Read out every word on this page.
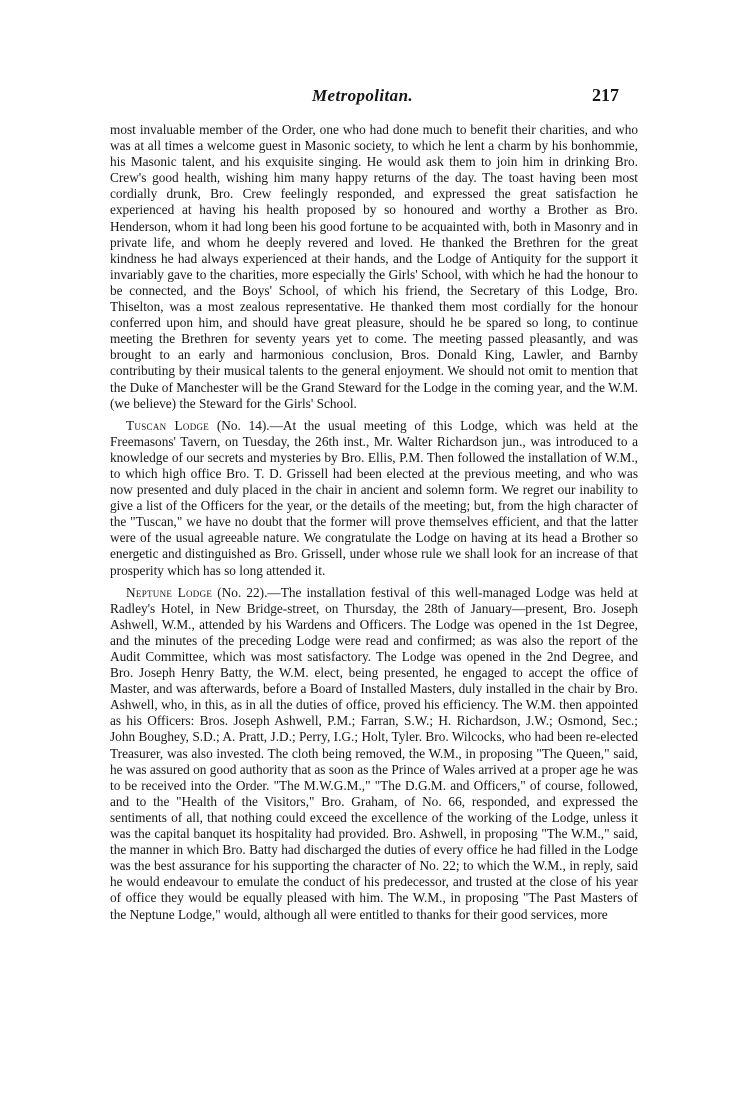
Metropolitan.	217

most invaluable member of the Order, one who had done much to benefit their charities, and who was at all times a welcome guest in Masonic society, to which he lent a charm by his bonhommie, his Masonic talent, and his exquisite singing. He would ask them to join him in drinking Bro. Crew's good health, wishing him many happy returns of the day. The toast having been most cordially drunk, Bro. Crew feelingly responded, and expressed the great satisfaction he experienced at having his health proposed by so honoured and worthy a Brother as Bro. Henderson, whom it had long been his good fortune to be acquainted with, both in Masonry and in private life, and whom he deeply revered and loved. He thanked the Brethren for the great kindness he had always experienced at their hands, and the Lodge of Antiquity for the support it invariably gave to the charities, more especially the Girls' School, with which he had the honour to be connected, and the Boys' School, of which his friend, the Secretary of this Lodge, Bro. Thiselton, was a most zealous representative. He thanked them most cordially for the honour conferred upon him, and should have great pleasure, should he be spared so long, to continue meeting the Brethren for seventy years yet to come. The meeting passed pleasantly, and was brought to an early and harmonious conclusion, Bros. Donald King, Lawler, and Barnby contributing by their musical talents to the general enjoyment. We should not omit to mention that the Duke of Manchester will be the Grand Steward for the Lodge in the coming year, and the W.M. (we believe) the Steward for the Girls' School.

Tuscan Lodge (No. 14).—At the usual meeting of this Lodge, which was held at the Freemasons' Tavern, on Tuesday, the 26th inst., Mr. Walter Richardson jun., was introduced to a knowledge of our secrets and mysteries by Bro. Ellis, P.M. Then followed the installation of W.M., to which high office Bro. T. D. Grissell had been elected at the previous meeting, and who was now presented and duly placed in the chair in ancient and solemn form. We regret our inability to give a list of the Officers for the year, or the details of the meeting; but, from the high character of the "Tuscan," we have no doubt that the former will prove themselves efficient, and that the latter were of the usual agreeable nature. We congratulate the Lodge on having at its head a Brother so energetic and distinguished as Bro. Grissell, under whose rule we shall look for an increase of that prosperity which has so long attended it.

Neptune Lodge (No. 22).—The installation festival of this well-managed Lodge was held at Radley's Hotel, in New Bridge-street, on Thursday, the 28th of January—present, Bro. Joseph Ashwell, W.M., attended by his Wardens and Officers. The Lodge was opened in the 1st Degree, and the minutes of the preceding Lodge were read and confirmed; as was also the report of the Audit Committee, which was most satisfactory. The Lodge was opened in the 2nd Degree, and Bro. Joseph Henry Batty, the W.M. elect, being presented, he engaged to accept the office of Master, and was afterwards, before a Board of Installed Masters, duly installed in the chair by Bro. Ashwell, who, in this, as in all the duties of office, proved his efficiency. The W.M. then appointed as his Officers: Bros. Joseph Ashwell, P.M.; Farran, S.W.; H. Richardson, J.W.; Osmond, Sec.; John Boughey, S.D.; A. Pratt, J.D.; Perry, I.G.; Holt, Tyler. Bro. Wilcocks, who had been re-elected Treasurer, was also invested. The cloth being removed, the W.M., in proposing "The Queen," said, he was assured on good authority that as soon as the Prince of Wales arrived at a proper age he was to be received into the Order. "The M.W.G.M.," "The D.G.M. and Officers," of course, followed, and to the "Health of the Visitors," Bro. Graham, of No. 66, responded, and expressed the sentiments of all, that nothing could exceed the excellence of the working of the Lodge, unless it was the capital banquet its hospitality had provided. Bro. Ashwell, in proposing "The W.M.," said, the manner in which Bro. Batty had discharged the duties of every office he had filled in the Lodge was the best assurance for his supporting the character of No. 22; to which the W.M., in reply, said he would endeavour to emulate the conduct of his predecessor, and trusted at the close of his year of office they would be equally pleased with him. The W.M., in proposing "The Past Masters of the Neptune Lodge," would, although all were entitled to thanks for their good services, more
